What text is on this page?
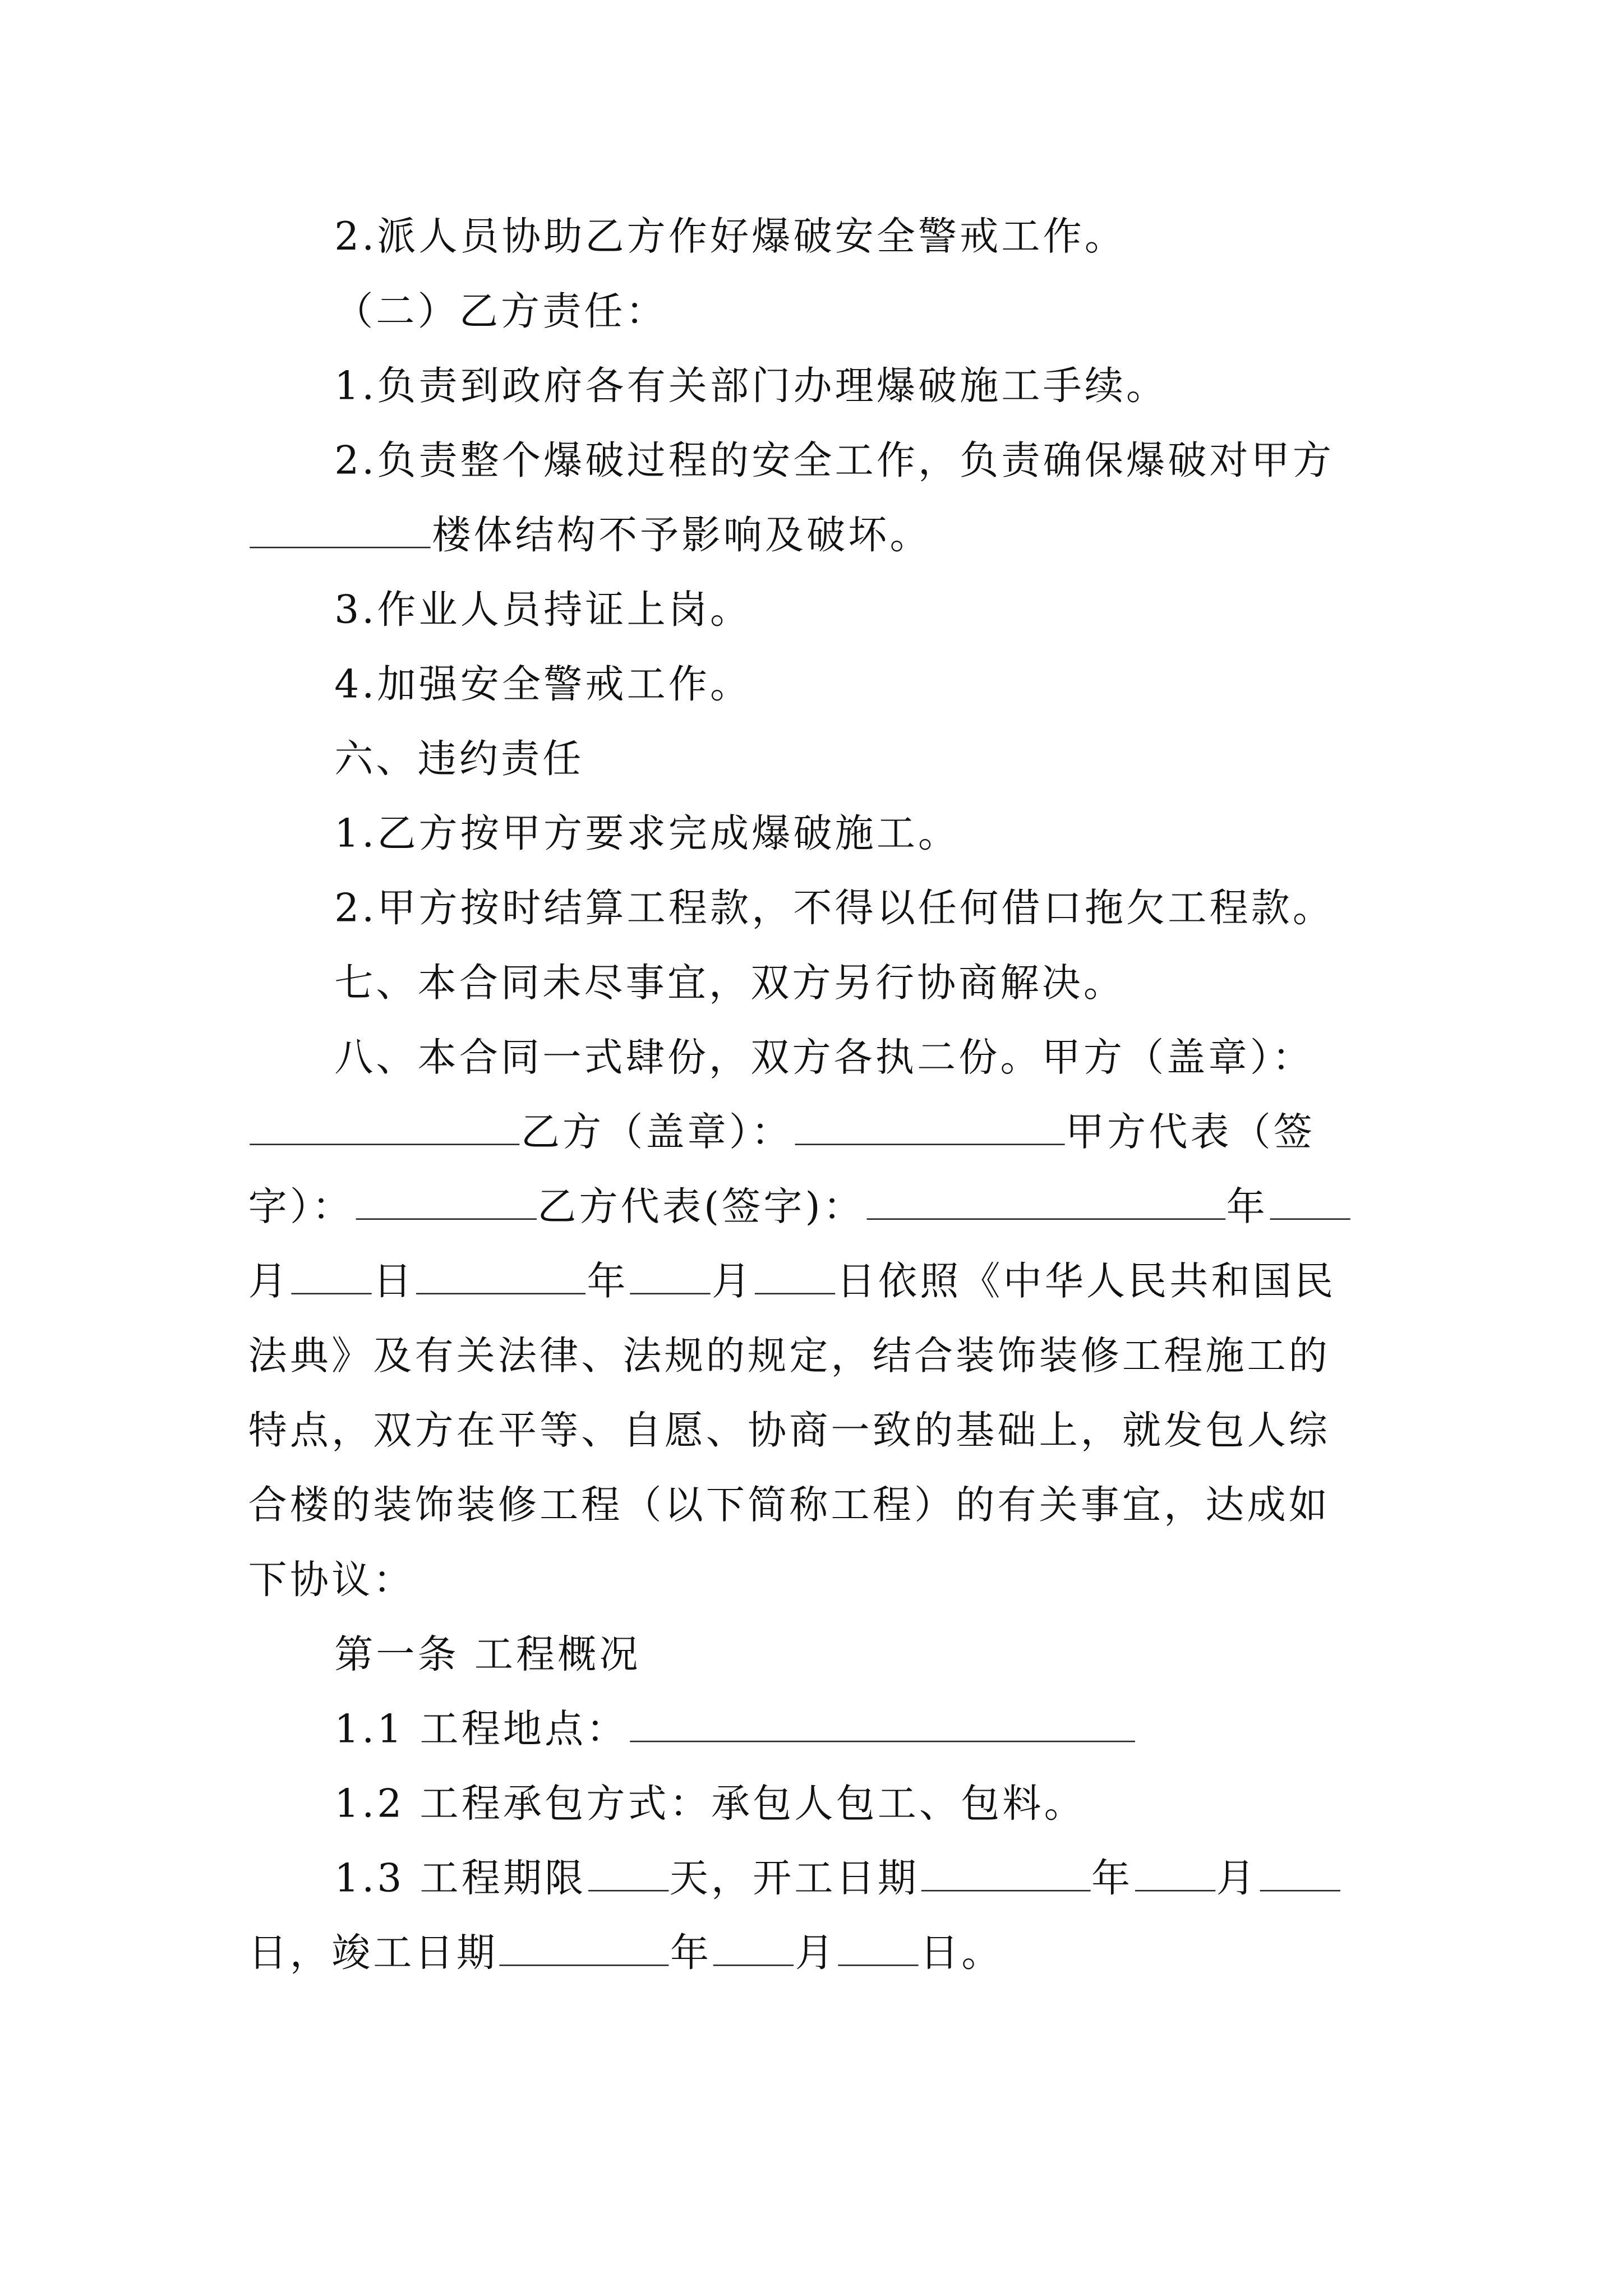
2.派人员协助乙方作好爆破安全警戒工作。
（二）乙方责任：
1.负责到政府各有关部门办理爆破施工手续。
2.负责整个爆破过程的安全工作，负责确保爆破对甲方
楼体结构不予影响及破坏。
3.作业人员持证上岗。
4.加强安全警戒工作。
六、违约责任
1.乙方按甲方要求完成爆破施工。
2.甲方按时结算工程款，不得以任何借口拖欠工程款。
七、本合同未尽事宜，双方另行协商解决。
八、本合同一式肆份，双方各执二份。甲方（盖章）：
乙方（盖章）：	甲方代表（签
字）：	乙方代表(签字)：	年
月	日	年	月	日依照《中华人民共和国民
法典》及有关法律、法规的规定，结合装饰装修工程施工的
特点，双方在平等、自愿、协商一致的基础上，就发包人综
合楼的装饰装修工程（以下简称工程）的有关事宜，达成如
下协议：
第一条 工程概况
1.1 工程地点：
1.2 工程承包方式：承包人包工、包料。
1.3 工程期限	天，开工日期	年	月
日，竣工日期	年	月	日。
